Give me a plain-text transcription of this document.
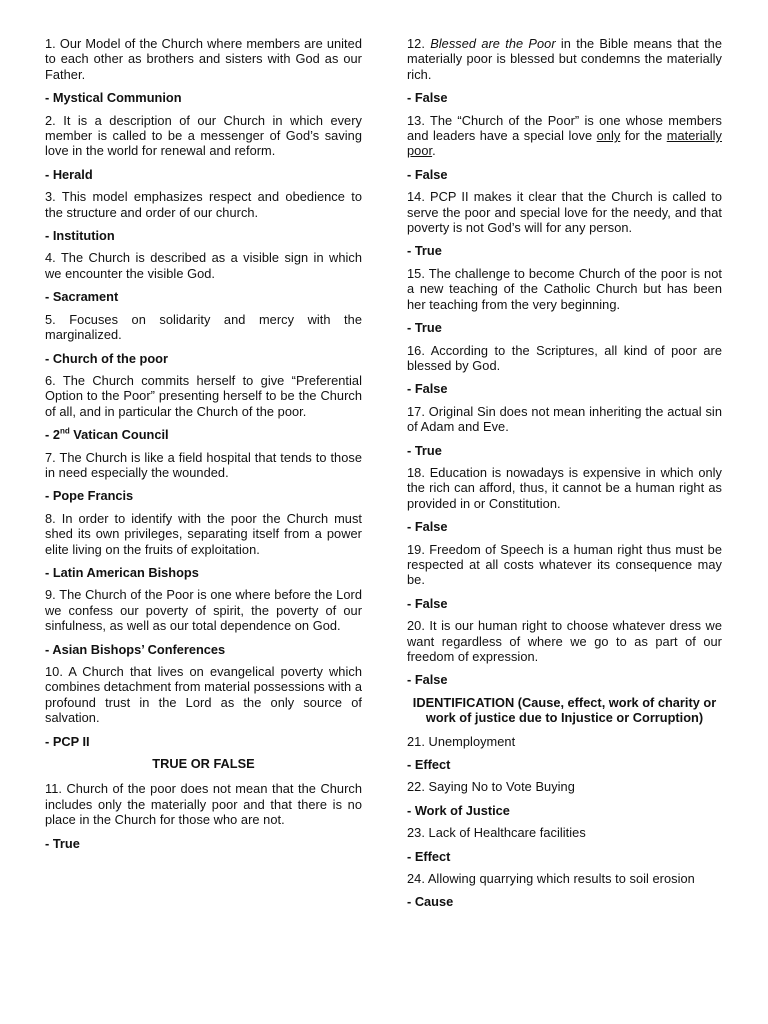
1. Our Model of the Church where members are united to each other as brothers and sisters with God as our Father.

- Mystical Communion

2. It is a description of our Church in which every member is called to be a messenger of God’s saving love in the world for renewal and reform.

- Herald

3. This model emphasizes respect and obedience to the structure and order of our church.

- Institution

4. The Church is described as a visible sign in which we encounter the visible God.

- Sacrament

5. Focuses on solidarity and mercy with the marginalized.

- Church of the poor

6. The Church commits herself to give “Preferential Option to the Poor” presenting herself to be the Church of all, and in particular the Church of the poor.

- 2nd Vatican Council

7. The Church is like a field hospital that tends to those in need especially the wounded.

- Pope Francis

8. In order to identify with the poor the Church must shed its own privileges, separating itself from a power elite living on the fruits of exploitation.

- Latin American Bishops

9. The Church of the Poor is one where before the Lord we confess our poverty of spirit, the poverty of our sinfulness, as well as our total dependence on God.

- Asian Bishops’ Conferences

10. A Church that lives on evangelical poverty which combines detachment from material possessions with a profound trust in the Lord as the only source of salvation.

- PCP II

TRUE OR FALSE

11. Church of the poor does not mean that the Church includes only the materially poor and that there is no place in the Church for those who are not.

- True

12. Blessed are the Poor in the Bible means that the materially poor is blessed but condemns the materially rich.

- False

13. The “Church of the Poor” is one whose members and leaders have a special love only for the materially poor.

- False

14. PCP II makes it clear that the Church is called to serve the poor and special love for the needy, and that poverty is not God’s will for any person.

- True

15. The challenge to become Church of the poor is not a new teaching of the Catholic Church but has been her teaching from the very beginning.

- True

16. According to the Scriptures, all kind of poor are blessed by God.

- False

17. Original Sin does not mean inheriting the actual sin of Adam and Eve.

- True

18. Education is nowadays is expensive in which only the rich can afford, thus, it cannot be a human right as provided in or Constitution.

- False

19. Freedom of Speech is a human right thus must be respected at all costs whatever its consequence may be.

- False

20. It is our human right to choose whatever dress we want regardless of where we go to as part of our freedom of expression.

- False

IDENTIFICATION (Cause, effect, work of charity or work of justice due to Injustice or Corruption)

21. Unemployment

- Effect

22. Saying No to Vote Buying

- Work of Justice

23. Lack of Healthcare facilities

- Effect

24. Allowing quarrying which results to soil erosion

- Cause
